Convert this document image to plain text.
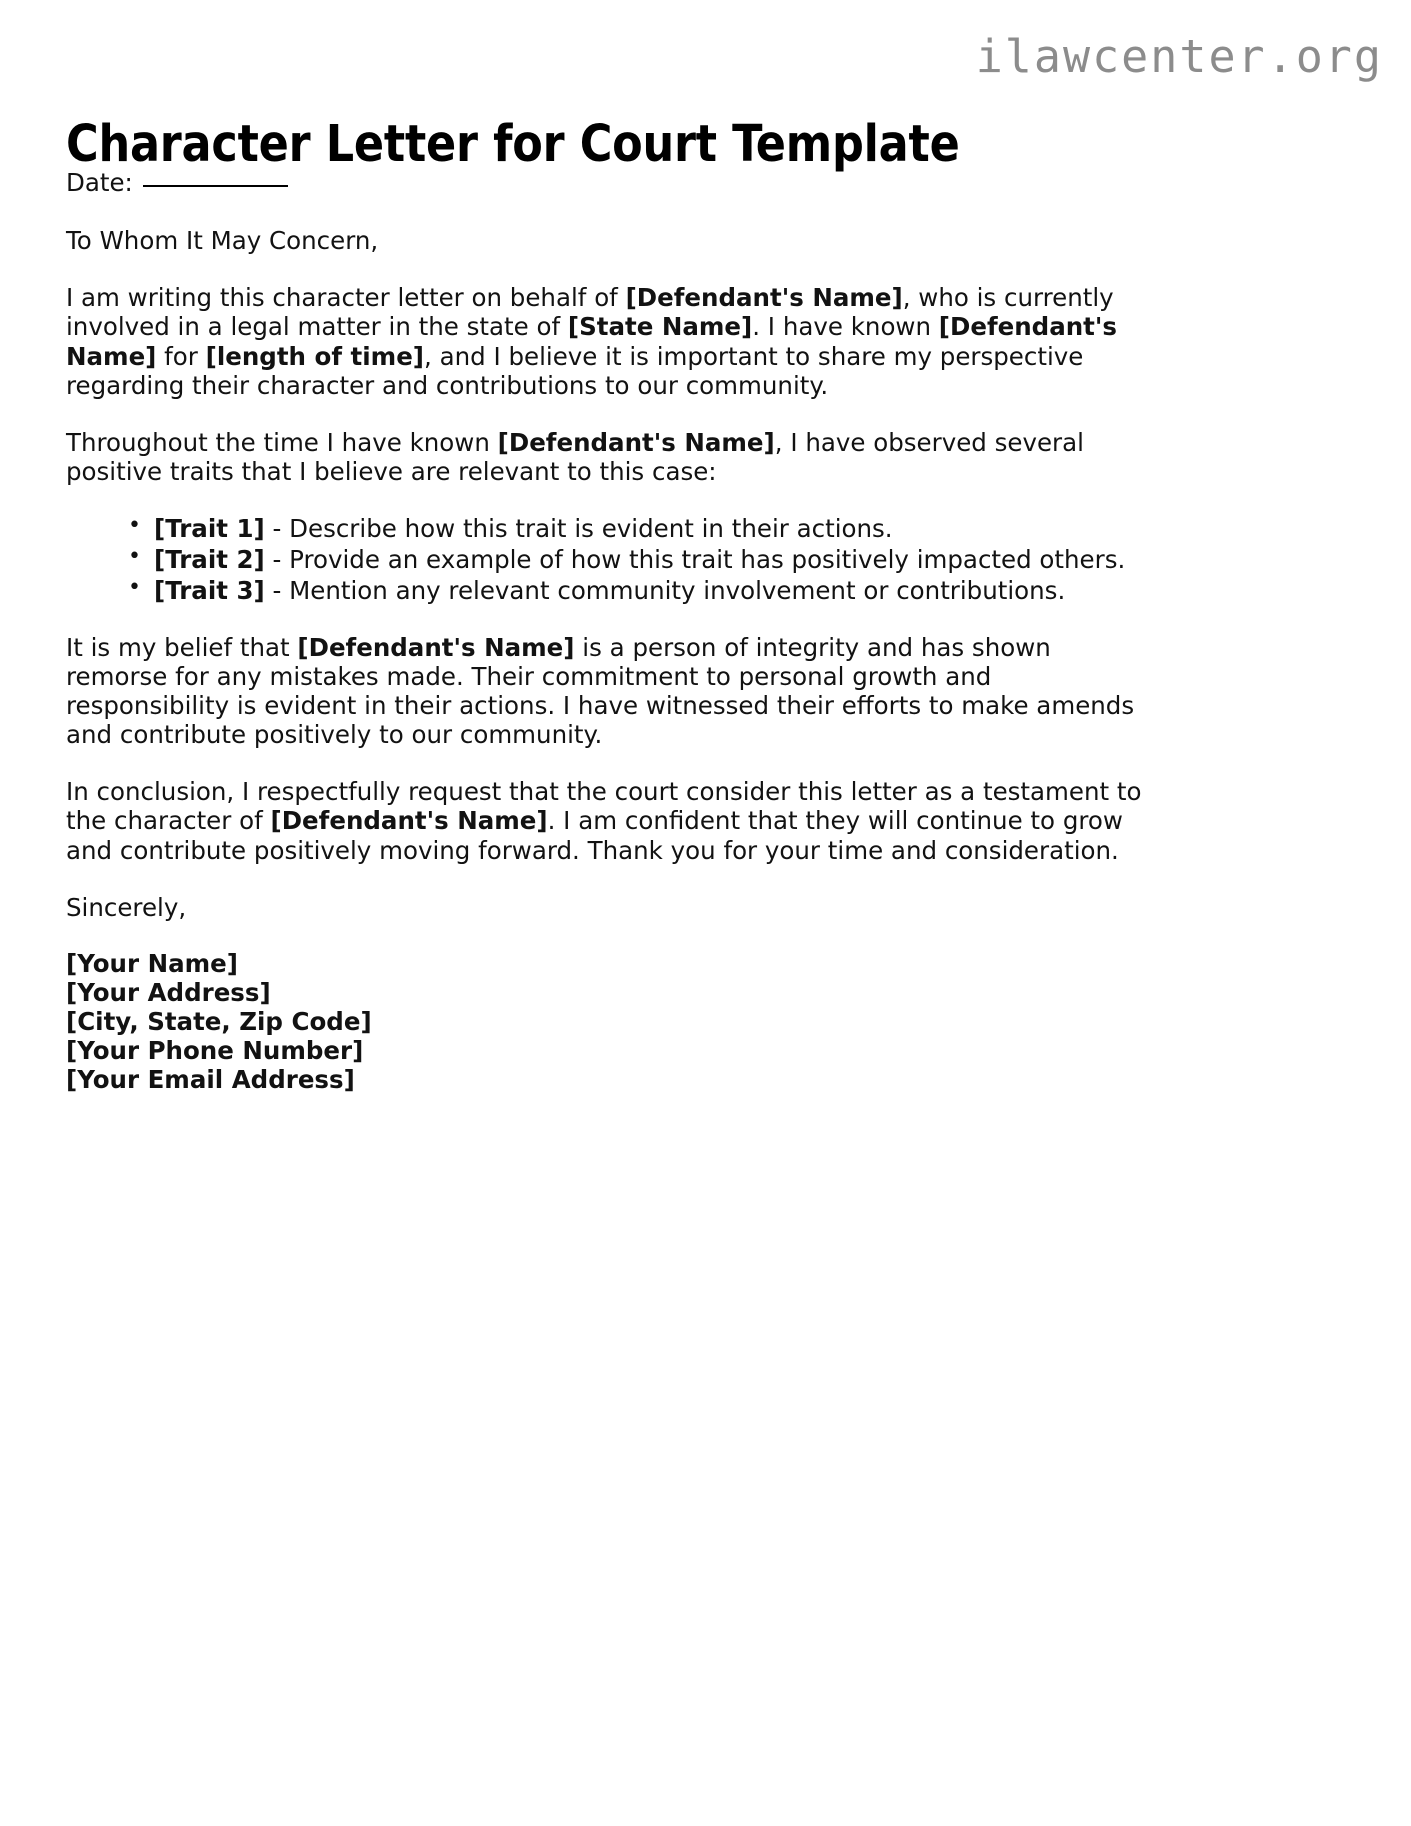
ilawcenter.org
Character Letter for Court Template
Date:

To Whom It May Concern,

I am writing this character letter on behalf of [Defendant's Name], who is currently involved in a legal matter in the state of [State Name]. I have known [Defendant's Name] for [length of time], and I believe it is important to share my perspective regarding their character and contributions to our community.

Throughout the time I have known [Defendant's Name], I have observed several positive traits that I believe are relevant to this case:

• [Trait 1] - Describe how this trait is evident in their actions.
• [Trait 2] - Provide an example of how this trait has positively impacted others.
• [Trait 3] - Mention any relevant community involvement or contributions.

It is my belief that [Defendant's Name] is a person of integrity and has shown remorse for any mistakes made. Their commitment to personal growth and responsibility is evident in their actions. I have witnessed their efforts to make amends and contribute positively to our community.

In conclusion, I respectfully request that the court consider this letter as a testament to the character of [Defendant's Name]. I am confident that they will continue to grow and contribute positively moving forward. Thank you for your time and consideration.

Sincerely,

[Your Name]
[Your Address]
[City, State, Zip Code]
[Your Phone Number]
[Your Email Address]
